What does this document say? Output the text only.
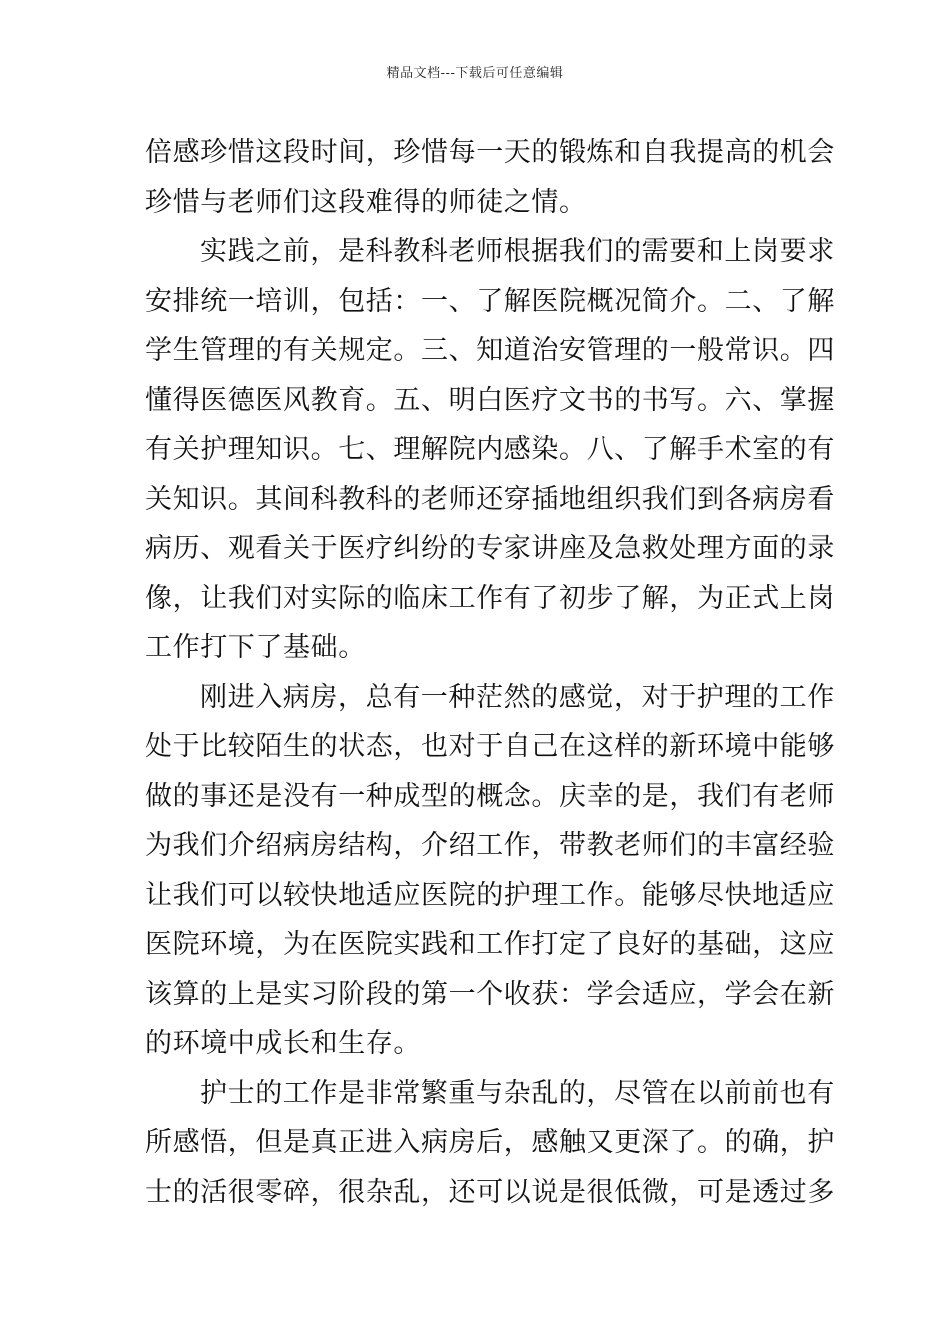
精品文档---下载后可任意编辑
倍感珍惜这段时间，珍惜每一天的锻炼和自我提高的机会
珍惜与老师们这段难得的师徒之情。
实践之前，是科教科老师根据我们的需要和上岗要求
安排统一培训，包括：一、了解医院概况简介。二、了解
学生管理的有关规定。三、知道治安管理的一般常识。四
懂得医德医风教育。五、明白医疗文书的书写。六、掌握
有关护理知识。七、理解院内感染。八、了解手术室的有
关知识。其间科教科的老师还穿插地组织我们到各病房看
病历、观看关于医疗纠纷的专家讲座及急救处理方面的录
像，让我们对实际的临床工作有了初步了解，为正式上岗
工作打下了基础。
刚进入病房，总有一种茫然的感觉，对于护理的工作
处于比较陌生的状态，也对于自己在这样的新环境中能够
做的事还是没有一种成型的概念。庆幸的是，我们有老师
为我们介绍病房结构，介绍工作，带教老师们的丰富经验
让我们可以较快地适应医院的护理工作。能够尽快地适应
医院环境，为在医院实践和工作打定了良好的基础，这应
该算的上是实习阶段的第一个收获：学会适应，学会在新
的环境中成长和生存。
护士的工作是非常繁重与杂乱的，尽管在以前前也有
所感悟，但是真正进入病房后，感触又更深了。的确，护
士的活很零碎，很杂乱，还可以说是很低微，可是透过多
